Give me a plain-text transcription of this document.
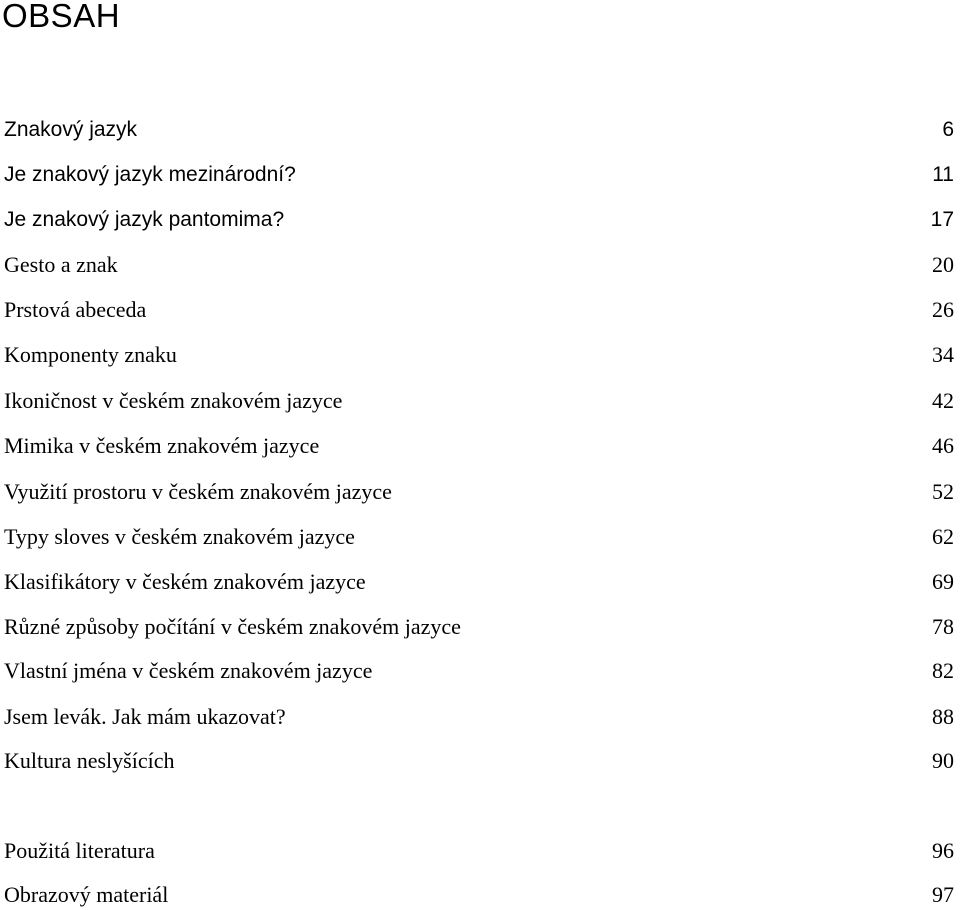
OBSAH
Znakový jazyk	6
Je znakový jazyk mezinárodní?	11
Je znakový jazyk pantomima?	17
Gesto a znak	20
Prstová abeceda	26
Komponenty znaku	34
Ikoničnost v českém znakovém jazyce	42
Mimika v českém znakovém jazyce	46
Využití prostoru v českém znakovém jazyce	52
Typy sloves v českém znakovém jazyce	62
Klasifikátory v českém znakovém jazyce	69
Různé způsoby počítání v českém znakovém jazyce	78
Vlastní jména v českém znakovém jazyce	82
Jsem levák. Jak mám ukazovat?	88
Kultura neslyšících	90
Použitá literatura	96
Obrazový materiál	97
